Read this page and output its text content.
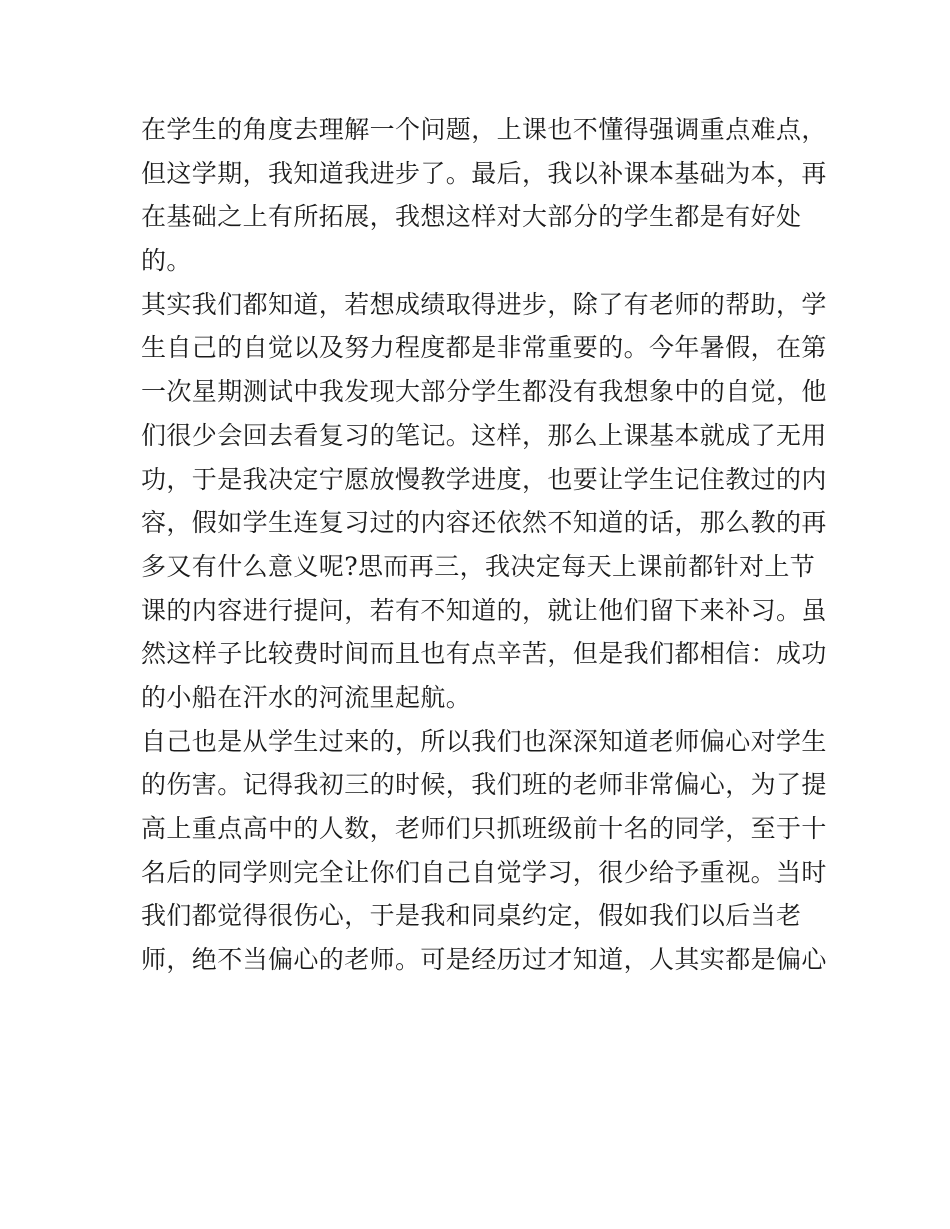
在学生的角度去理解一个问题，上课也不懂得强调重点难点，
但这学期，我知道我进步了。最后，我以补课本基础为本，再
在基础之上有所拓展，我想这样对大部分的学生都是有好处
的。
其实我们都知道，若想成绩取得进步，除了有老师的帮助，学
生自己的自觉以及努力程度都是非常重要的。今年暑假，在第
一次星期测试中我发现大部分学生都没有我想象中的自觉，他
们很少会回去看复习的笔记。这样，那么上课基本就成了无用
功，于是我决定宁愿放慢教学进度，也要让学生记住教过的内
容，假如学生连复习过的内容还依然不知道的话，那么教的再
多又有什么意义呢?思而再三，我决定每天上课前都针对上节
课的内容进行提问，若有不知道的，就让他们留下来补习。虽
然这样子比较费时间而且也有点辛苦，但是我们都相信：成功
的小船在汗水的河流里起航。
自己也是从学生过来的，所以我们也深深知道老师偏心对学生
的伤害。记得我初三的时候，我们班的老师非常偏心，为了提
高上重点高中的人数，老师们只抓班级前十名的同学，至于十
名后的同学则完全让你们自己自觉学习，很少给予重视。当时
我们都觉得很伤心，于是我和同桌约定，假如我们以后当老
师，绝不当偏心的老师。可是经历过才知道，人其实都是偏心
